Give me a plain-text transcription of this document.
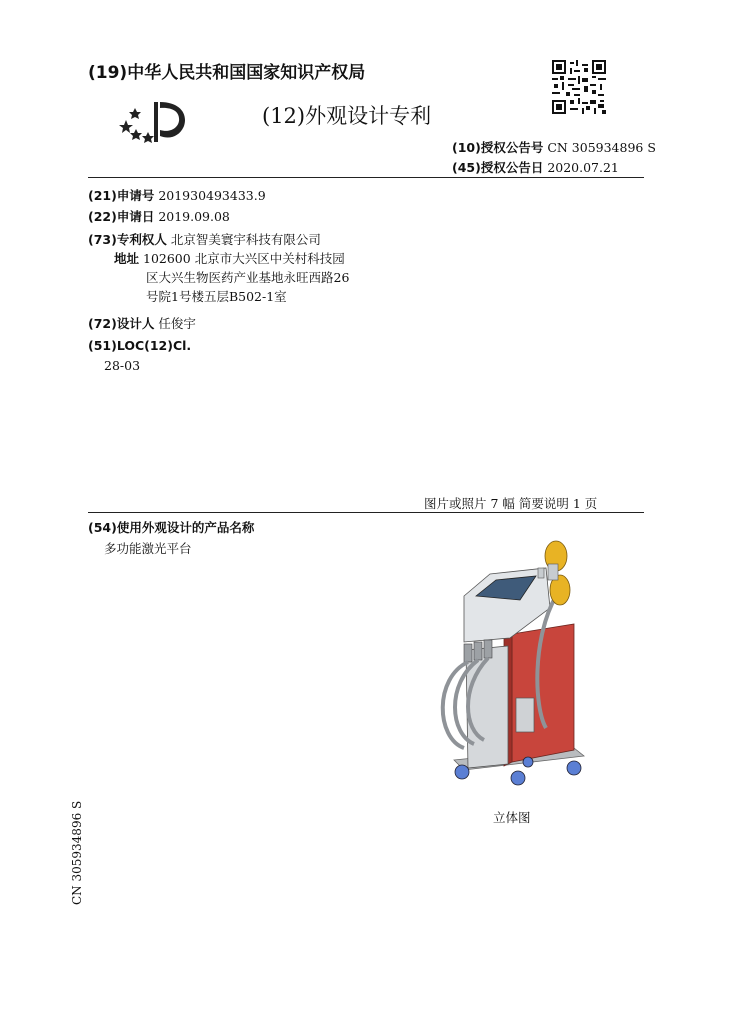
(19)中华人民共和国国家知识产权局
(12)外观设计专利
(10)授权公告号 CN 305934896 S
(45)授权公告日 2020.07.21
(21)申请号 201930493433.9
(22)申请日 2019.09.08
(73)专利权人 北京智美寰宇科技有限公司
地址 102600 北京市大兴区中关村科技园
区大兴生物医药产业基地永旺西路26
号院1号楼五层B502-1室
(72)设计人 任俊宇
(51)LOC(12)Cl.
28-03
图片或照片 7 幅 简要说明 1 页
(54)使用外观设计的产品名称
多功能激光平台
立体图
CN 305934896 S
